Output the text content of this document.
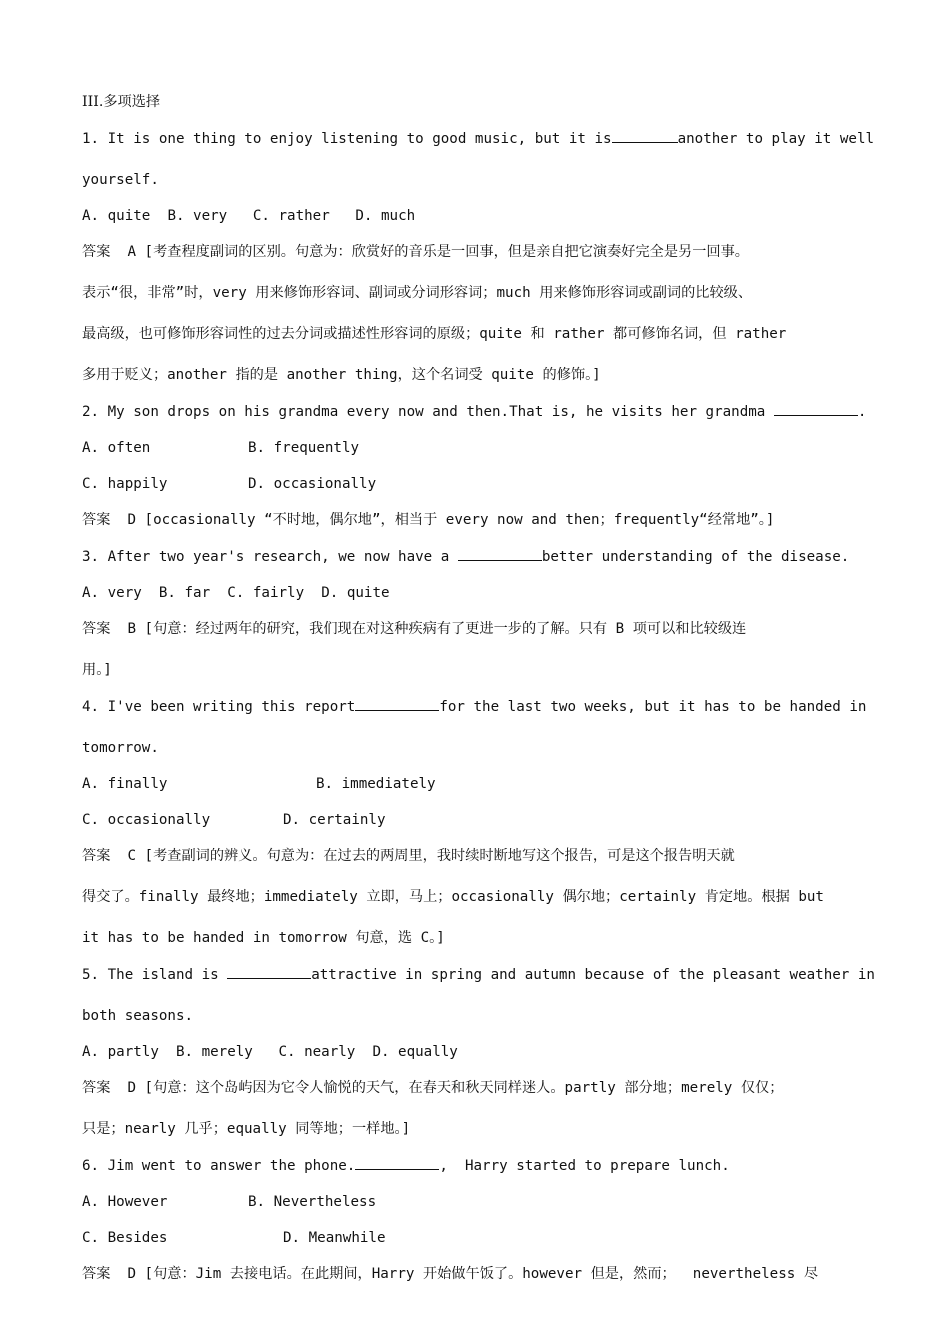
III.多项选择

1. It is one thing to enjoy listening to good music, but it is	another to play it well

yourself.

A. quite B. very C. rather D. much

答案  A [考查程度副词的区别。句意为：欣赏好的音乐是一回事，但是亲自把它演奏好完全是另一回事。

表示“很，非常”时，very 用来修饰形容词、副词或分词形容词；much 用来修饰形容词或副词的比较级、

最高级，也可修饰形容词性的过去分词或描述性形容词的原级；quite 和 rather 都可修饰名词，但 rather

多用于贬义；another 指的是 another thing，这个名词受 quite 的修饰。]

2. My son drops on his grandma every now and then.That is, he visits her grandma	.

A. often	B. frequently
C. happily	D. occasionally

答案  D [occasionally “不时地，偶尔地”，相当于 every now and then；frequently“经常地”。]

3. After two year's research, we now have a	better understanding of the disease.

A. very B. far C. fairly D. quite

答案  B [句意：经过两年的研究，我们现在对这种疾病有了更进一步的了解。只有 B 项可以和比较级连

用。]

4. I've been writing this report	for the last two weeks, but it has to be handed in

tomorrow.

A. finally	B. immediately
C. occasionally	D. certainly

答案  C [考查副词的辨义。句意为：在过去的两周里，我时续时断地写这个报告，可是这个报告明天就

得交了。finally 最终地；immediately 立即，马上；occasionally 偶尔地；certainly 肯定地。根据 but

it has to be handed in tomorrow 句意，选 C。]

5. The island is	attractive in spring and autumn because of the pleasant weather in

both seasons.

A. partly B. merely C. nearly D. equally

答案  D [句意：这个岛屿因为它令人愉悦的天气，在春天和秋天同样迷人。partly 部分地；merely 仅仅；

只是；nearly 几乎；equally 同等地；一样地。]

6. Jim went to answer the phone.	,  Harry started to prepare lunch.

A. However	B. Nevertheless
C. Besides	D. Meanwhile

答案  D [句意：Jim 去接电话。在此期间，Harry 开始做午饭了。however 但是，然而；  nevertheless 尽
